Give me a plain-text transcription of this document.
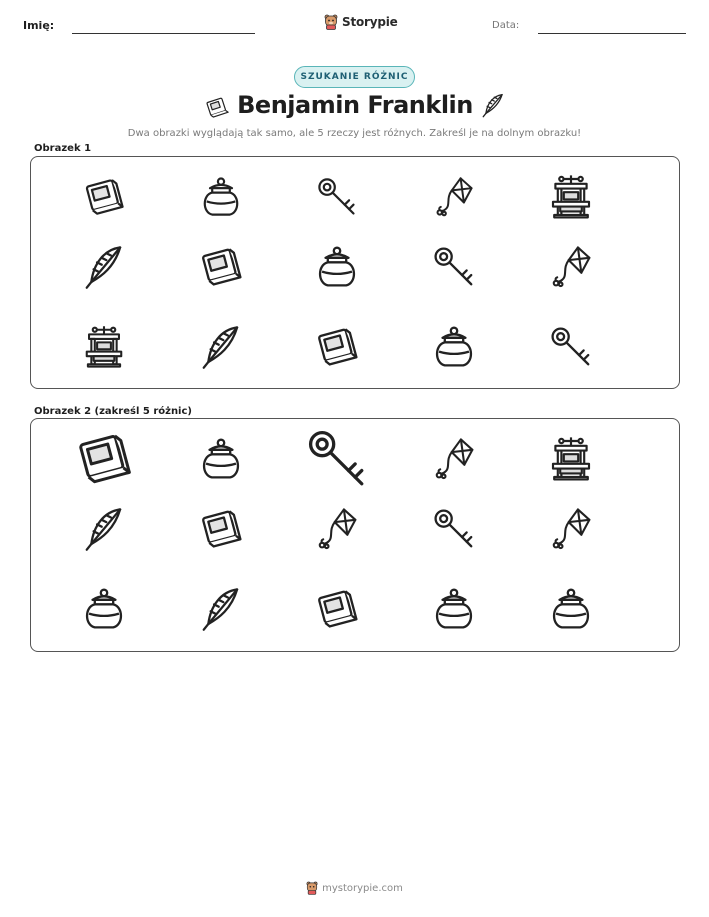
Imię:	Storypie	Data:
SZUKANIE RÓŻNIC
Benjamin Franklin
Dwa obrazki wyglądają tak samo, ale 5 rzeczy jest różnych. Zakreśl je na dolnym obrazku!
Obrazek 1
Obrazek 2 (zakreśl 5 różnic)
mystorypie.com
